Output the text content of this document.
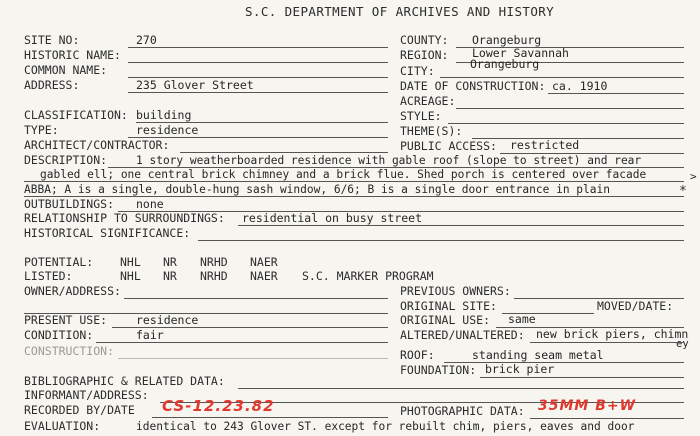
S.C. DEPARTMENT OF ARCHIVES AND HISTORY
SITE NO:	270
HISTORIC NAME:
COMMON NAME:
ADDRESS:	235 Glover Street
COUNTY: Orangeburg
REGION: Lower Savannah
CITY:	Orangeburg
DATE OF CONSTRUCTION: ca. 1910
ACREAGE:
CLASSIFICATION: building
TYPE:	residence
ARCHITECT/CONTRACTOR:
STYLE:
THEME(S):
PUBLIC ACCESS: restricted
DESCRIPTION:	1 story weatherboarded residence with gable roof (slope to street) and rear
gabled ell; one central brick chimney and a brick flue. Shed porch is centered over facade	>
ABBA; A is a single, double-hung sash window, 6/6; B is a single door entrance in plain	*
OUTBUILDINGS: none
RELATIONSHIP TO SURROUNDINGS: residential on busy street
HISTORICAL SIGNIFICANCE:
POTENTIAL: NHL NR NRHD NAER
LISTED:	NHL NR NRHD NAER S.C. MARKER PROGRAM
OWNER/ADDRESS:	PREVIOUS OWNERS:
ORIGINAL SITE:	MOVED/DATE:
PRESENT USE:	residence
CONDITION:	fair
CONSTRUCTION:
ORIGINAL USE: same
ALTERED/UNALTERED: new brick piers, chimn
ey
ROOF:	standing seam metal
FOUNDATION: brick pier
BIBLIOGRAPHIC & RELATED DATA:
INFORMANT/ADDRESS:
RECORDED BY/DATE CS-12.23.82	PHOTOGRAPHIC DATA: 35MM B+W
EVALUATION:	identical to 243 Glover ST. except for rebuilt chim, piers, eaves and door
